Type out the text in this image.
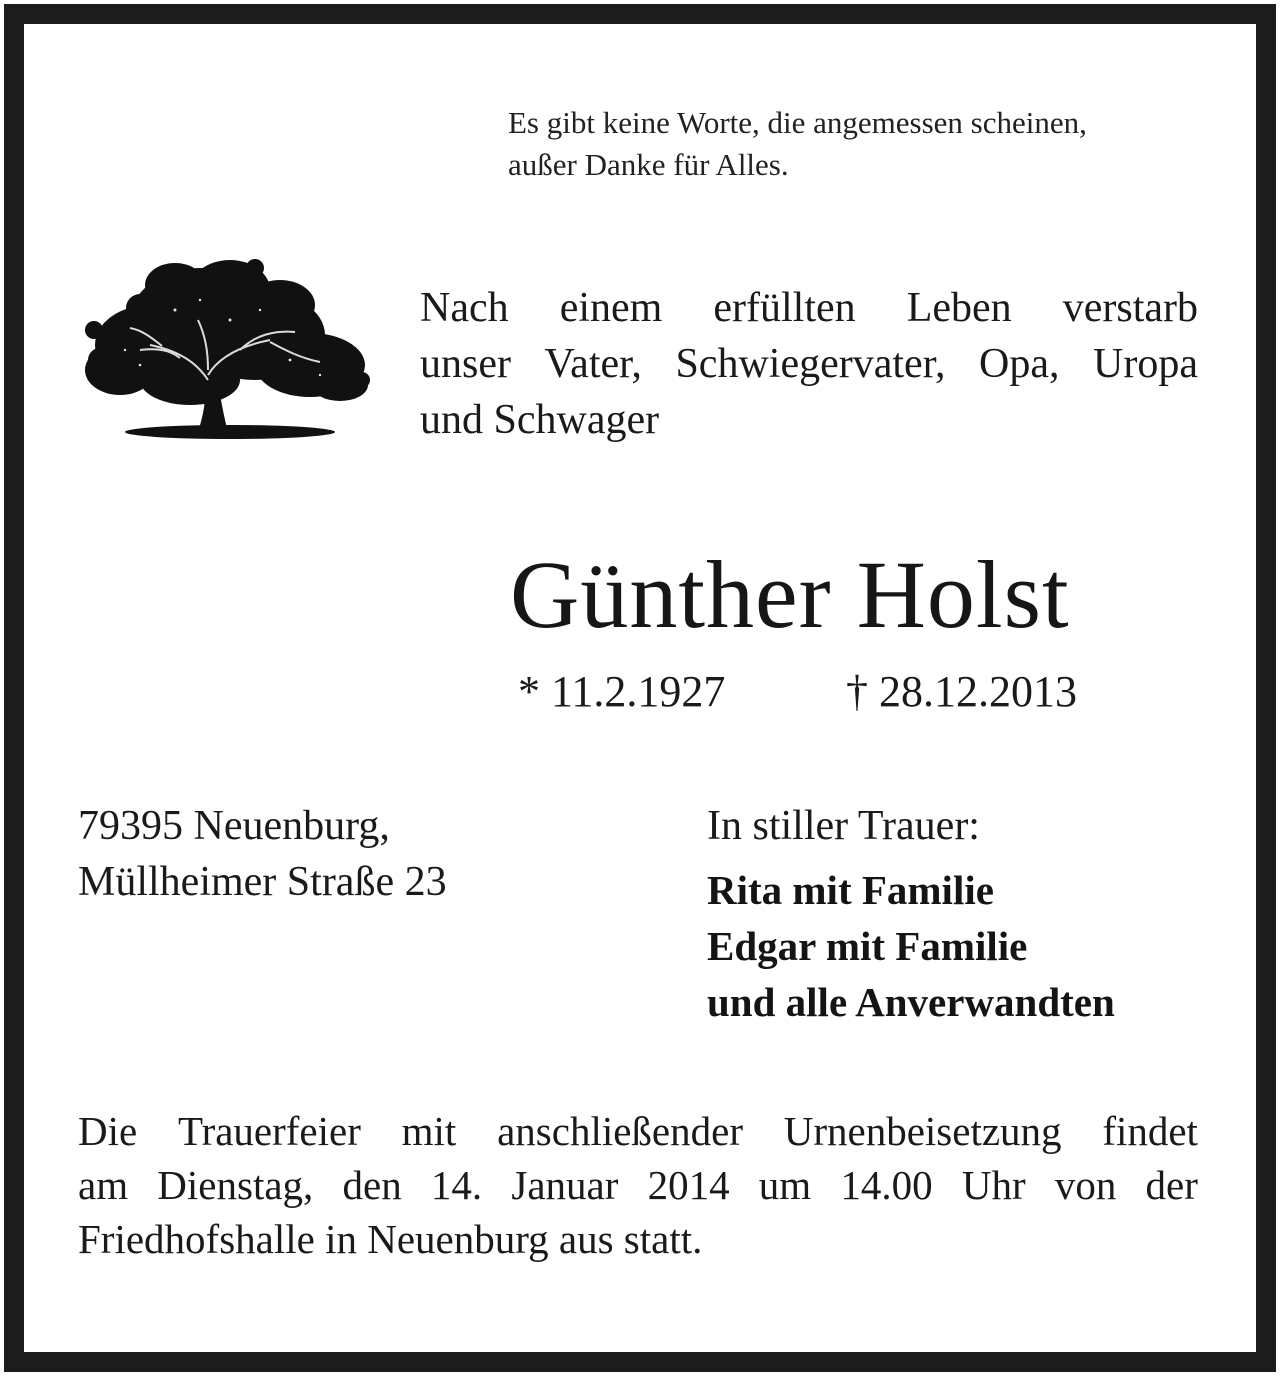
Es gibt keine Worte, die angemessen scheinen,
außer Danke für Alles.
Nach einem erfüllten Leben verstarb
unser Vater, Schwiegervater, Opa, Uropa
und Schwager
Günther Holst
* 11.2.1927	† 28.12.2013
79395 Neuenburg,
Müllheimer Straße 23
In stiller Trauer:
Rita mit Familie
Edgar mit Familie
und alle Anverwandten
Die Trauerfeier mit anschließender Urnenbeisetzung findet
am Dienstag, den 14. Januar 2014 um 14.00 Uhr von der
Friedhofshalle in Neuenburg aus statt.
